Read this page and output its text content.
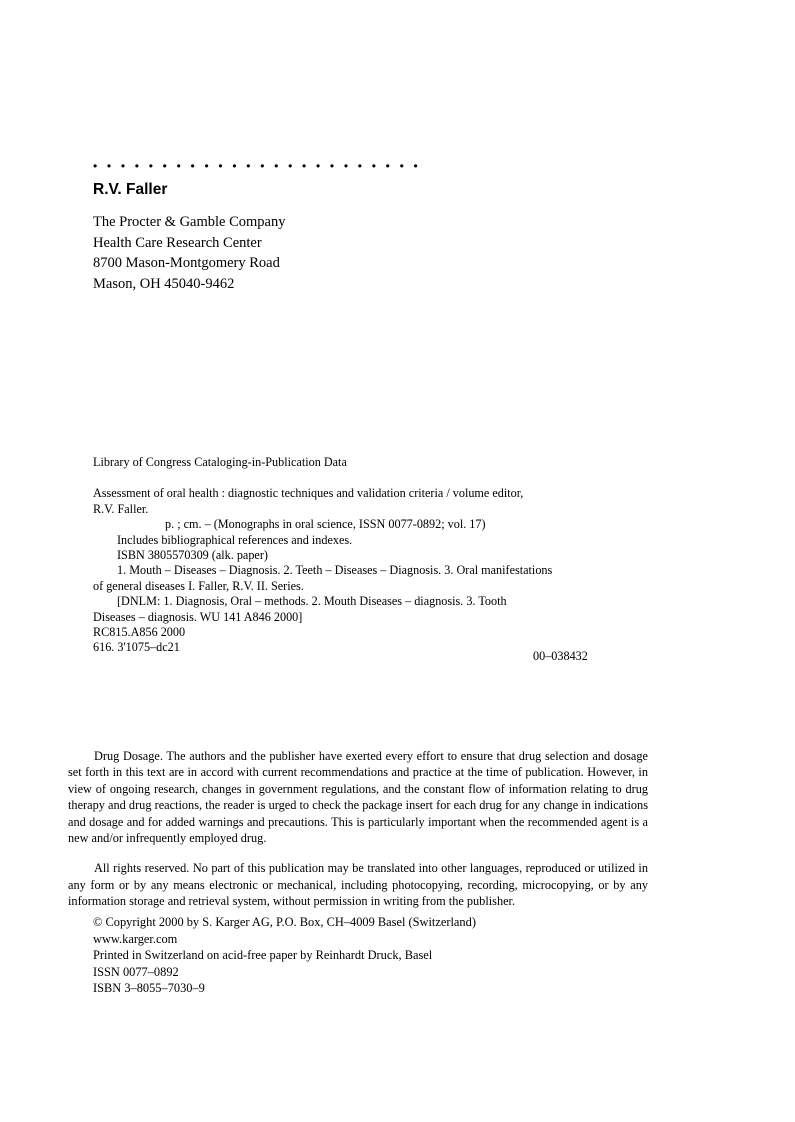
• • • • • • • • • • • • • • • • • • • • • • • •
R.V. Faller
The Procter & Gamble Company
Health Care Research Center
8700 Mason-Montgomery Road
Mason, OH 45040-9462
Library of Congress Cataloging-in-Publication Data
Assessment of oral health : diagnostic techniques and validation criteria / volume editor,
R.V. Faller.
p. ; cm. – (Monographs in oral science, ISSN 0077-0892; vol. 17)
Includes bibliographical references and indexes.
ISBN 3805570309 (alk. paper)
1. Mouth – Diseases – Diagnosis. 2. Teeth – Diseases – Diagnosis. 3. Oral manifestations
of general diseases I. Faller, R.V. II. Series.
[DNLM: 1. Diagnosis, Oral – methods. 2. Mouth Diseases – diagnosis. 3. Tooth
Diseases – diagnosis. WU 141 A846 2000]
RC815.A856 2000
616. 3'1075–dc21
00–038432

Drug Dosage. The authors and the publisher have exerted every effort to ensure that drug selection and dosage set forth in this text are in accord with current recommendations and practice at the time of publication. However, in view of ongoing research, changes in government regulations, and the constant flow of information relating to drug therapy and drug reactions, the reader is urged to check the package insert for each drug for any change in indications and dosage and for added warnings and precautions. This is particularly important when the recommended agent is a new and/or infrequently employed drug.

All rights reserved. No part of this publication may be translated into other languages, reproduced or utilized in any form or by any means electronic or mechanical, including photocopying, recording, microcopying, or by any information storage and retrieval system, without permission in writing from the publisher.

© Copyright 2000 by S. Karger AG, P.O. Box, CH–4009 Basel (Switzerland)
www.karger.com
Printed in Switzerland on acid-free paper by Reinhardt Druck, Basel
ISSN 0077–0892
ISBN 3–8055–7030–9
